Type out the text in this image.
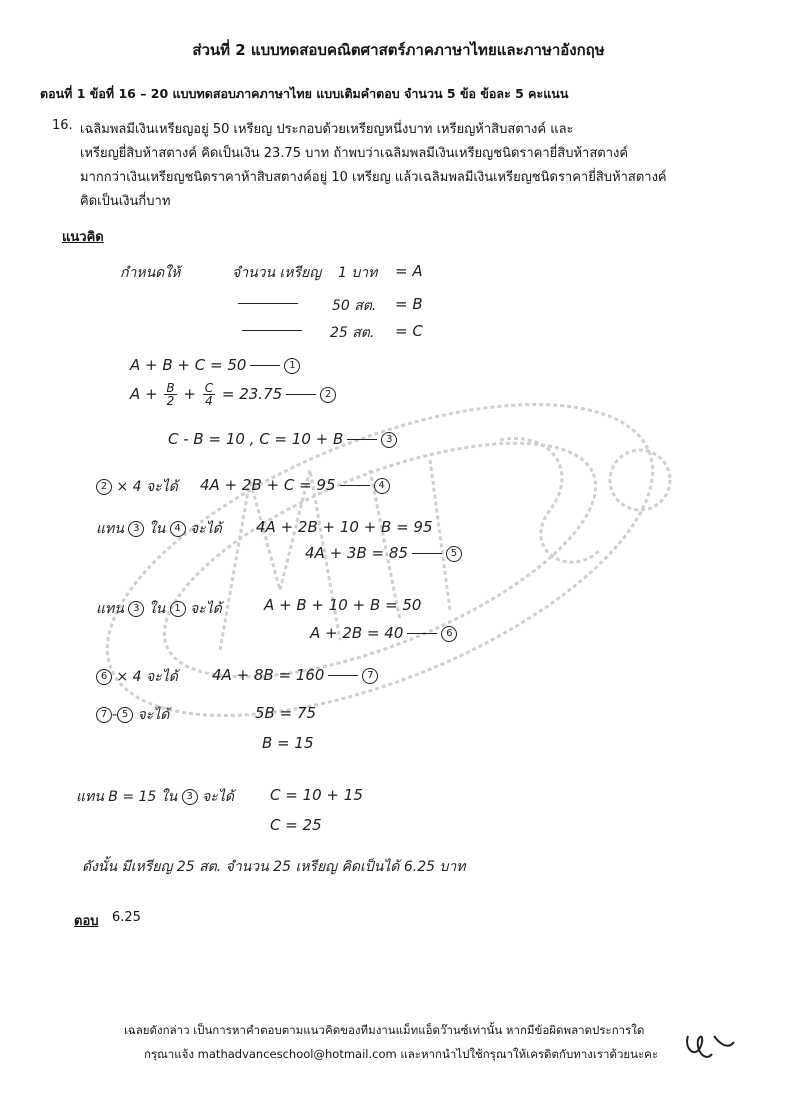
ส่วนที่ 2 แบบทดสอบคณิตศาสตร์ภาคภาษาไทยและภาษาอังกฤษ
ตอนที่ 1 ข้อที่ 16 – 20 แบบทดสอบภาคภาษาไทย แบบเติมคำตอบ จำนวน 5 ข้อ ข้อละ 5 คะแนน
16. เฉลิมพลมีเงินเหรียญอยู่ 50 เหรียญ ประกอบด้วยเหรียญหนึ่งบาท เหรียญห้าสิบสตางค์ และ
เหรียญยี่สิบห้าสตางค์ คิดเป็นเงิน 23.75 บาท ถ้าพบว่าเฉลิมพลมีเงินเหรียญชนิดราคายี่สิบห้าสตางค์
มากกว่าเงินเหรียญชนิดราคาห้าสิบสตางค์อยู่ 10 เหรียญ แล้วเฉลิมพลมีเงินเหรียญชนิดราคายี่สิบห้าสตางค์
คิดเป็นเงินกี่บาท
แนวคิด
กำหนดให้	จำนวน เหรียญ 1 บาท = A
50 สต. = B
25 สต. = C
A + B + C = 50	1
$A + \frac{B}{2} + \frac{C}{4} = 23.75$	2
C - B = 10 , C = 10 + B	3
2 × 4 จะได้ 4A + 2B + C = 95	4
แทน 3 ใน 4 จะได้ 4A + 2B + 10 + B = 95
4A + 3B = 85	5
แทน 3 ใน 1 จะได้	A + B + 10 + B = 50
A + 2B = 40	6
6 × 4 จะได้ 4A + 8B = 160	7
7 - 5 จะได้	5B = 75
B = 15
แทน B = 15 ใน 3 จะได้ C = 10 + 15
C = 25
ดังนั้น มีเหรียญ 25 สต. จำนวน 25 เหรียญ คิดเป็นได้ 6.25 บาท
ตอบ 6.25
เฉลยดังกล่าว เป็นการหาคำตอบตามแนวคิดของทีมงานแม็ทแอ็ดว๊านซ์เท่านั้น หากมีข้อผิดพลาดประการใด
กรุณาแจ้ง mathadvanceschool@hotmail.com และหากนำไปใช้กรุณาให้เครดิตกับทางเราด้วยนะคะ
